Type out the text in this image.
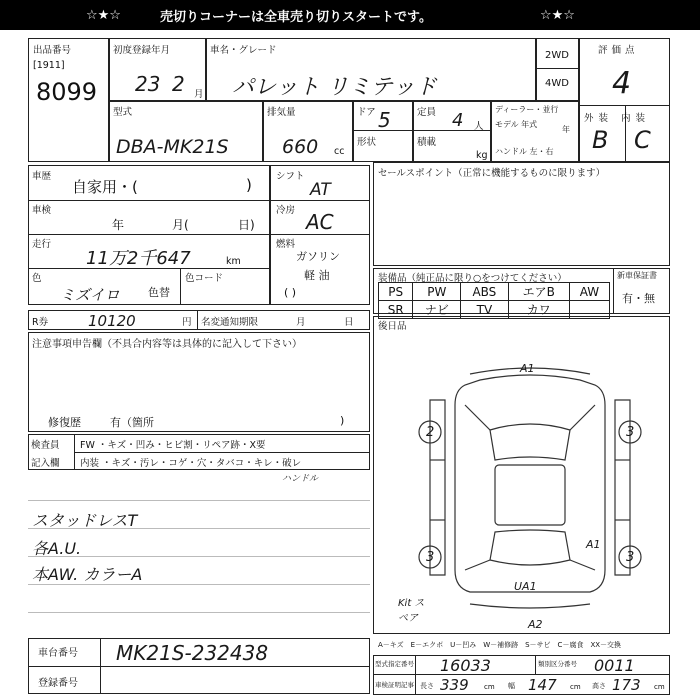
☆★☆	売切りコーナーは全車売り切りスタートです。	☆★☆
出品番号
[1911]
8099
初度登録年月
23 2 月
車名・グレード
パレット リミテッド
2WD
4WD
評価点
4
型式
DBA-MK21S
排気量
660 cc
ドア 5
形状
定員 4 人
積載
kg
ディーラー・並行
モデル 年式
年
ハンドル 左・右
外装 内装
B C
車歴
自家用・(	)
車検
年	月(	日)
走行
11万2千647	km
色
ミズイロ	色替
色コード
シフト
AT
冷房 AC
燃料
ガソリン
軽 油
( )
セールスポイント（正常に機能するものに限ります）
装備品（純正品に限り○をつけてください）	新車保証書
有・無
PS	PW	ABS	エアB	AW
SR	ナビ	TV	カワ	
R券	10120	円 名変通知期限	月	日
注意事項申告欄（不具合内容等は具体的に記入して下さい）
修復歴	有（箇所	)
検査員
記入欄
FW ・キズ・凹み・ヒビ割・リペア跡・X要
内装 ・キズ・汚レ・コゲ・穴・タバコ・キレ・破レ
ハンドル
スタッドレスT
各A.U.
本AW. カラーA
後日品
A1
2	3
3	3
A1
UA1
A2
Kit スペア
A－キズ　E－エクボ　U－凹み　W－補修跡　S－サビ　C－腐食　XX－交換
車台番号 MK21S-232438
登録番号
型式指定番号 16033	類別区分番号 0011
車検証明記事 長さ 339 cm 幅 147 cm 高さ 173 cm
